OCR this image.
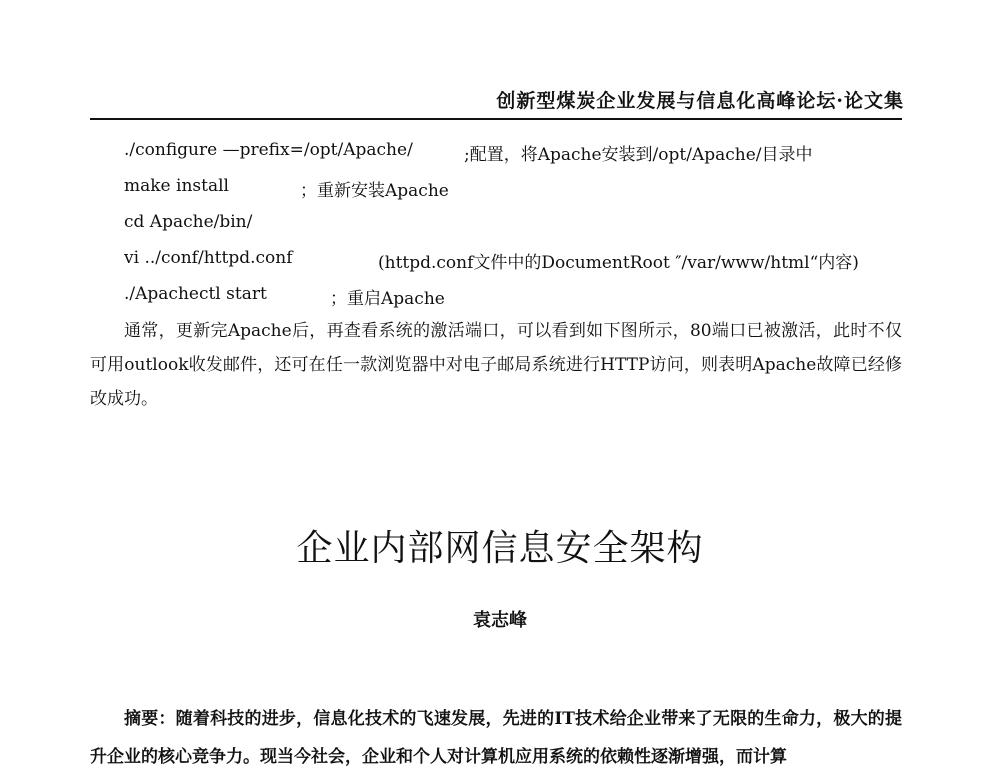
创新型煤炭企业发展与信息化高峰论坛·论文集
./configure —prefix=/opt/Apache/	;配置，将Apache安装到/opt/Apache/目录中
make install	；重新安装Apache
cd Apache/bin/
vi ../conf/httpd.conf	(httpd.conf文件中的DocumentRoot ″/var/www/html“内容)
./Apachectl start	；重启Apache

通常，更新完Apache后，再查看系统的激活端口，可以看到如下图所示，80端口已被激活，此时不仅可用outlook收发邮件，还可在任一款浏览器中对电子邮局系统进行HTTP访问，则表明Apache故障已经修改成功。

企业内部网信息安全架构
袁志峰

摘要：随着科技的进步，信息化技术的飞速发展，先进的IT技术给企业带来了无限的生命力，极大的提升企业的核心竞争力。现当今社会，企业和个人对计算机应用系统的依赖性逐渐增强，而计算
